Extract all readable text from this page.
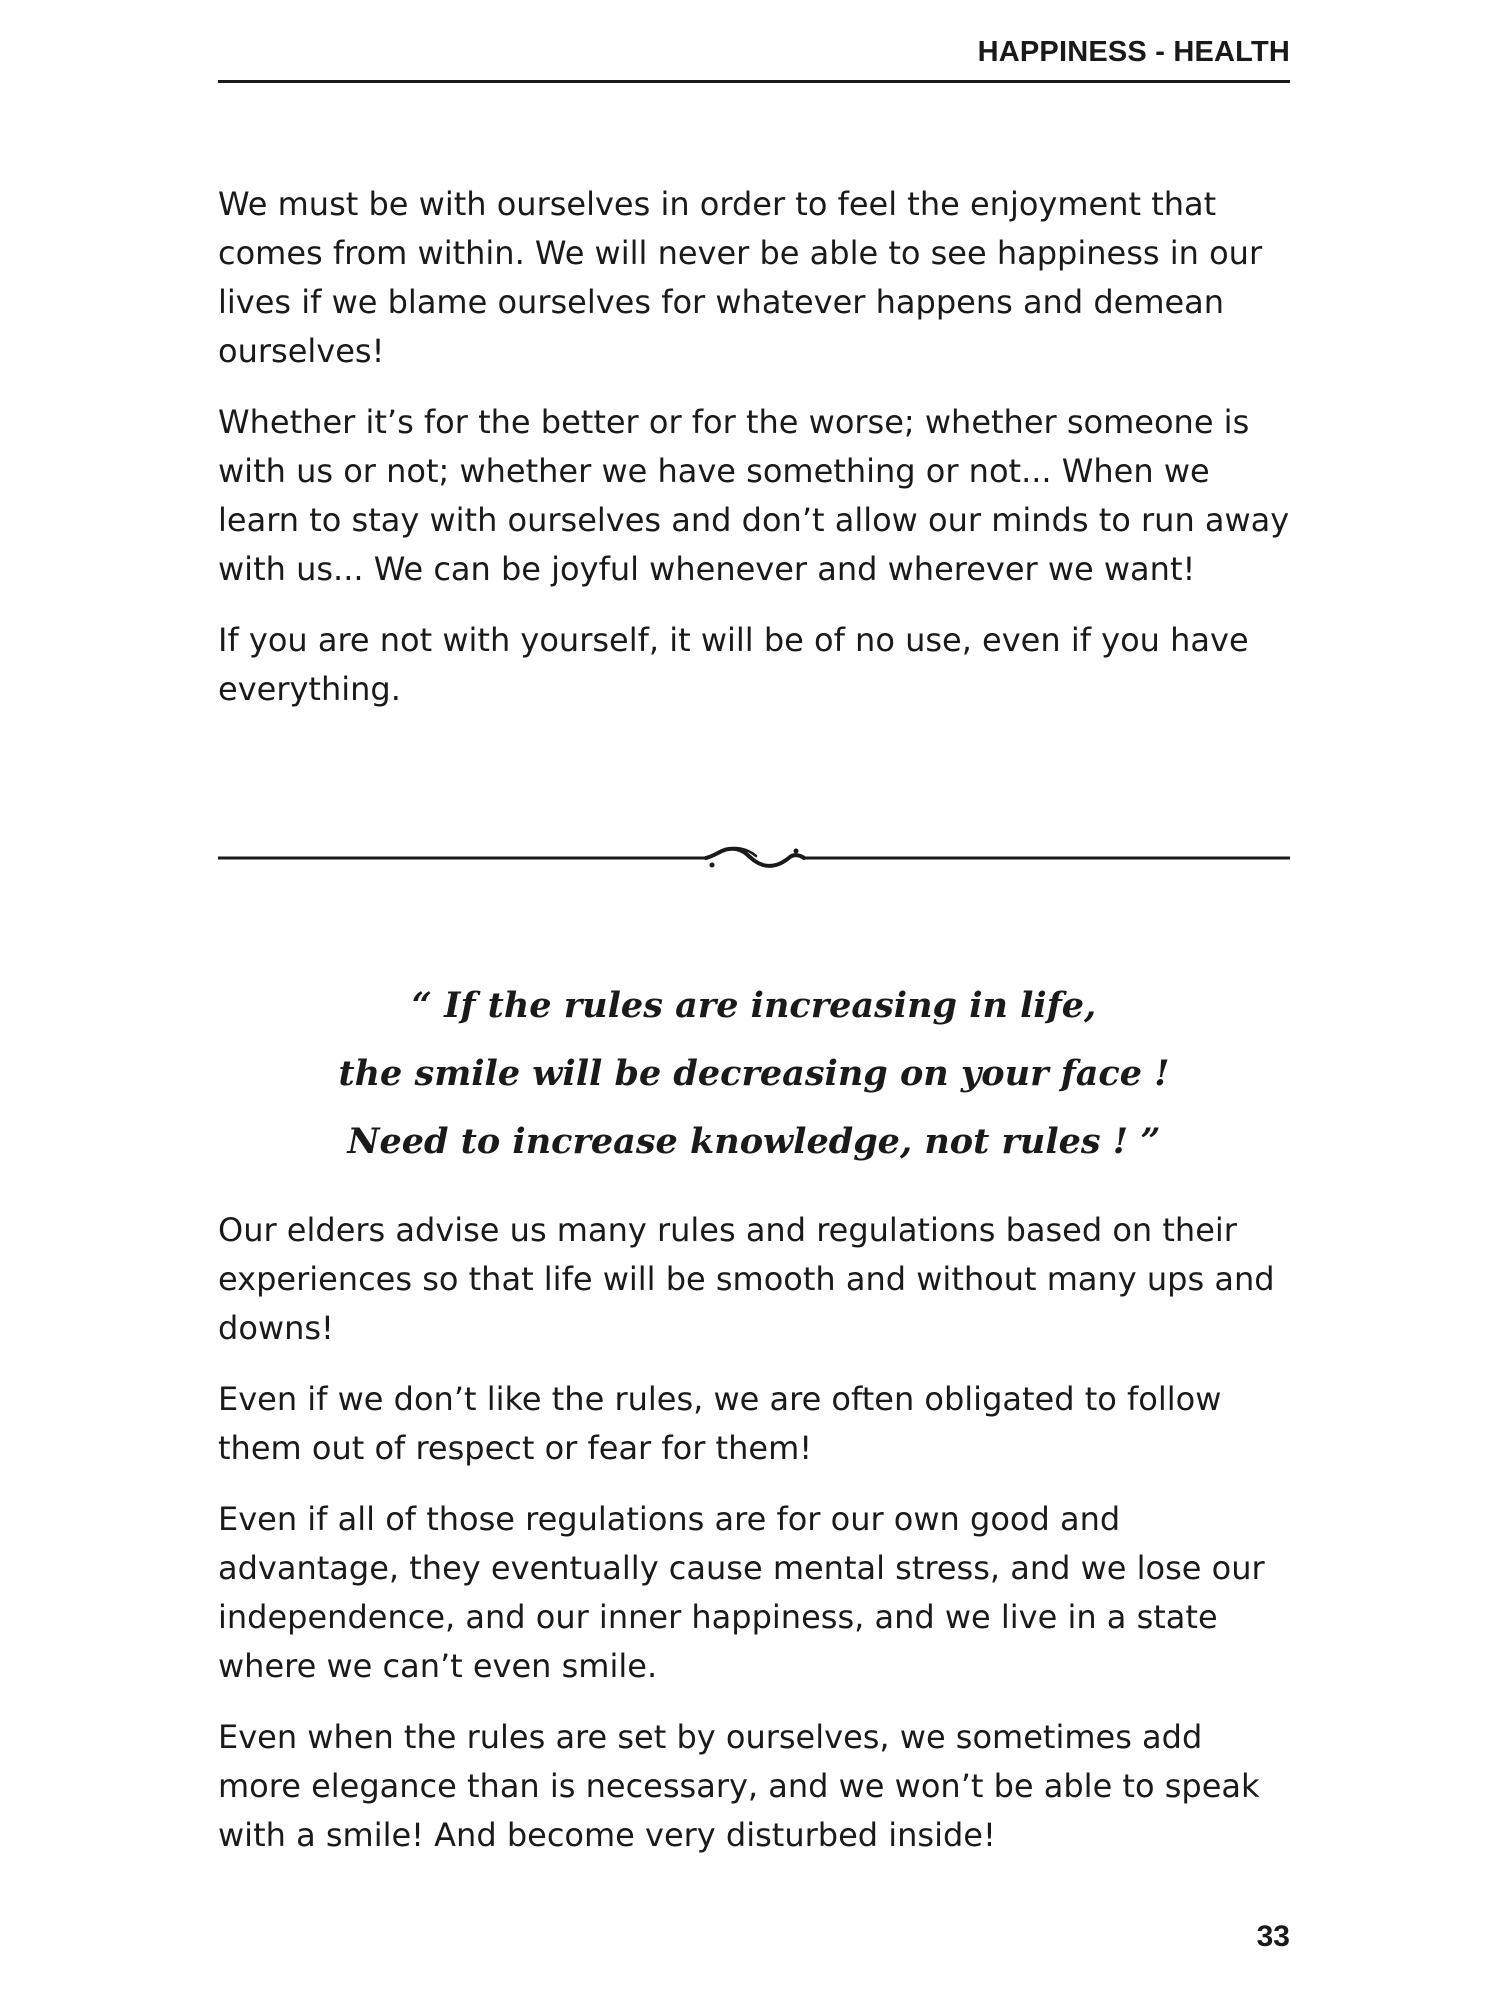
HAPPINESS - HEALTH

We must be with ourselves in order to feel the enjoyment that comes from within. We will never be able to see happiness in our lives if we blame ourselves for whatever happens and demean ourselves!

Whether it’s for the better or for the worse; whether someone is with us or not; whether we have something or not... When we learn to stay with ourselves and don’t allow our minds to run away with us... We can be joyful whenever and wherever we want!

If you are not with yourself, it will be of no use, even if you have everything.

“ If the rules are increasing in life,
the smile will be decreasing on your face !
Need to increase knowledge, not rules ! ”

Our elders advise us many rules and regulations based on their experiences so that life will be smooth and without many ups and downs!

Even if we don’t like the rules, we are often obligated to follow them out of respect or fear for them!

Even if all of those regulations are for our own good and advantage, they eventually cause mental stress, and we lose our independence, and our inner happiness, and we live in a state where we can’t even smile.

Even when the rules are set by ourselves, we sometimes add more elegance than is necessary, and we won’t be able to speak with a smile! And become very disturbed inside!

33
